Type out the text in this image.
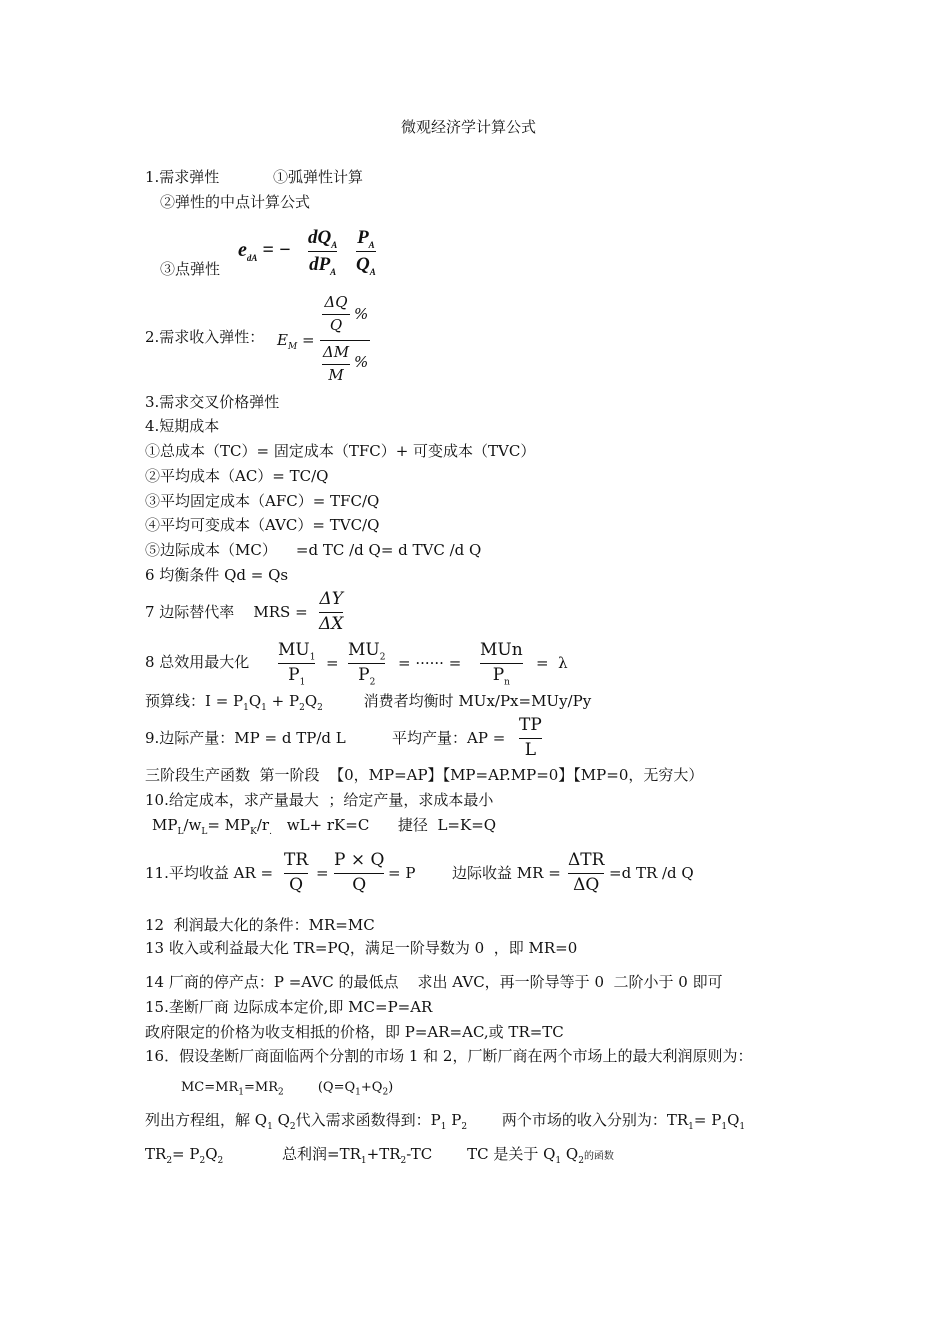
微观经济学计算公式
1.需求弹性	①弧弹性计算
②弹性的中点计算公式
③点弹性
$e_{dA}$ = −
$dQ_A$
$dP_A$
$P_A$
$Q_A$
2.需求收入弹性： $E_M$ =
$\frac{\Delta Q}{Q}$ %
$\frac{\Delta M}{M}$ %
3.需求交叉价格弹性
4.短期成本
①总成本（TC）= 固定成本（TFC）+ 可变成本（TVC）
②平均成本（AC）= TC/Q
③平均固定成本（AFC）= TFC/Q
④平均可变成本（AVC）= TVC/Q
⑤边际成本（MC）    =d TC /d Q= d TVC /d Q
6 均衡条件 Qd = Qs
7 边际替代率    MRS =
ΔY
ΔX
8 总效用最大化
$MU_1$
$P_1$
=
$MU_2$
$P_2$
= ······ =
MUn
$P_n$
=  λ
预算线：$I = P_1Q_1 + P_2Q_2$	消费者均衡时 MUx/Px=MUy/Py
9.边际产量：MP = d TP/d L	平均产量：AP =
TP
L
三阶段生产函数  第一阶段  【0，MP=AP】【MP=AP.MP=0】【MP=0，无穷大）
10.给定成本，求产量最大  ；给定产量，求成本最小
$MP_L/w_L= MP_K/r_.$ wL+ rK=C      捷径  L=K=Q
11.平均收益 AR =
TR
Q
=
P × Q
Q
= P 边际收益 MR =
ΔTR
ΔQ
=d TR /d Q
12  利润最大化的条件：MR=MC
13 收入或利益最大化 TR=PQ，满足一阶导数为 0  ，即 MR=0
14 厂商的停产点：P =AVC 的最低点    求出 AVC，再一阶导等于 0  二阶小于 0 即可
15.垄断厂商 边际成本定价,即 MC=P=AR
政府限定的价格为收支相抵的价格，即 P=AR=AC,或 TR=TC
16．假设垄断厂商面临两个分割的市场 1 和 2，厂断厂商在两个市场上的最大利润原则为：
$MC=MR_1=MR_2$	$(Q=Q_1+Q_2)$
列出方程组，解 $Q_1$ $Q_2$代入需求函数得到：$P_1$ $P_2$ 两个市场的收入分别为：$TR_1= P_1Q_1$
$TR_2= P_2Q_2$	总利润$=TR_1+TR_2-TC$ TC 是关于 $Q_1$ $Q_2$的函数
